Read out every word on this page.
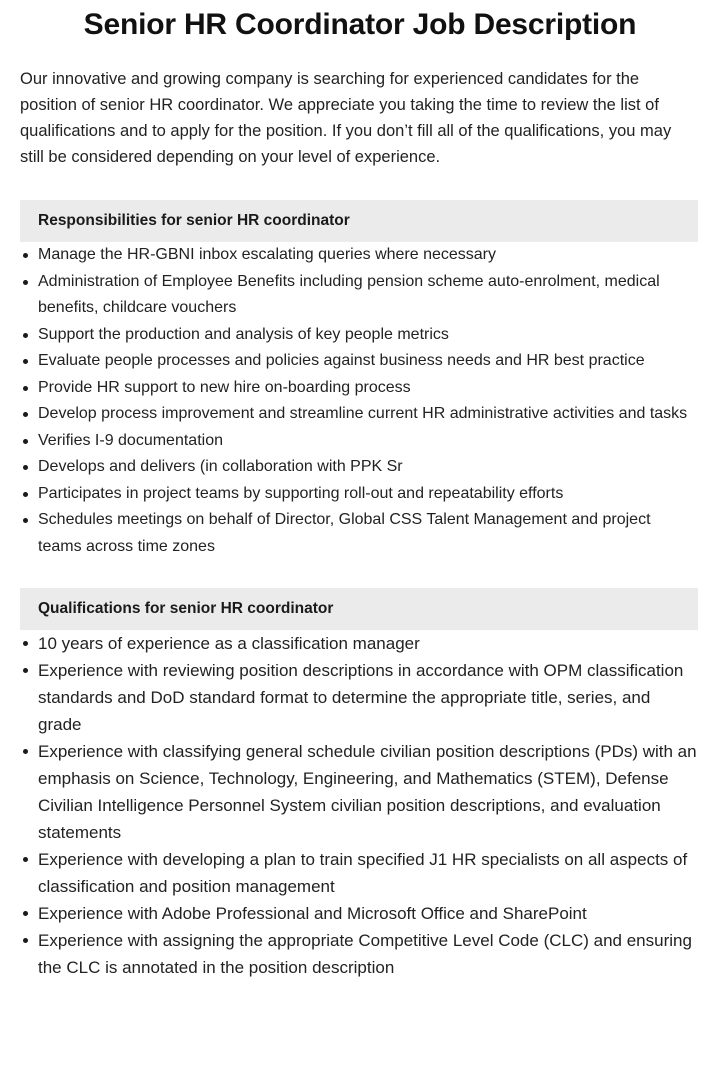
Senior HR Coordinator Job Description

Our innovative and growing company is searching for experienced candidates for the position of senior HR coordinator. We appreciate you taking the time to review the list of qualifications and to apply for the position. If you don’t fill all of the qualifications, you may still be considered depending on your level of experience.

Responsibilities for senior HR coordinator
Manage the HR-GBNI inbox escalating queries where necessary
Administration of Employee Benefits including pension scheme auto-enrolment, medical benefits, childcare vouchers
Support the production and analysis of key people metrics
Evaluate people processes and policies against business needs and HR best practice
Provide HR support to new hire on-boarding process
Develop process improvement and streamline current HR administrative activities and tasks
Verifies I-9 documentation
Develops and delivers (in collaboration with PPK Sr
Participates in project teams by supporting roll-out and repeatability efforts
Schedules meetings on behalf of Director, Global CSS Talent Management and project teams across time zones
Qualifications for senior HR coordinator
10 years of experience as a classification manager
Experience with reviewing position descriptions in accordance with OPM classification standards and DoD standard format to determine the appropriate title, series, and grade
Experience with classifying general schedule civilian position descriptions (PDs) with an emphasis on Science, Technology, Engineering, and Mathematics (STEM), Defense Civilian Intelligence Personnel System civilian position descriptions, and evaluation statements
Experience with developing a plan to train specified J1 HR specialists on all aspects of classification and position management
Experience with Adobe Professional and Microsoft Office and SharePoint
Experience with assigning the appropriate Competitive Level Code (CLC) and ensuring the CLC is annotated in the position description
